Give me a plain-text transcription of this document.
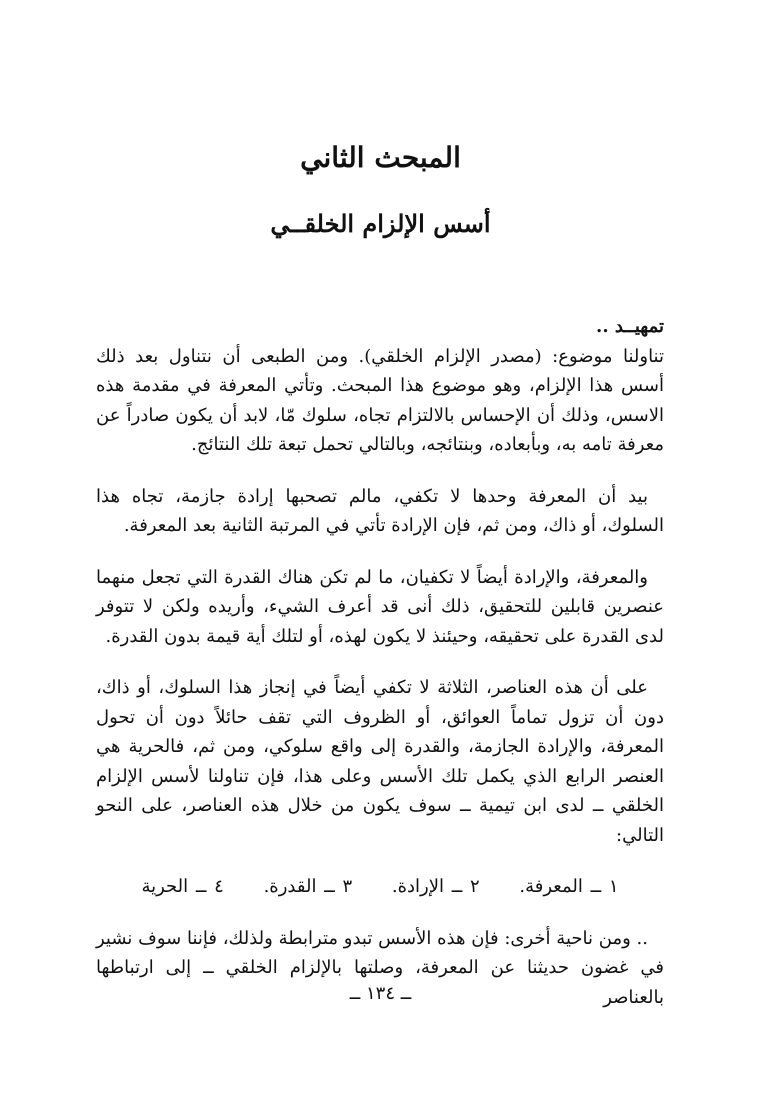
المبحث الثاني
أسس الإلزام الخلقــي

تمهيــد ..

تناولنا موضوع: (مصدر الإلزام الخلقي). ومن الطبعى أن نتناول بعد ذلك أسس هذا الإلزام، وهو موضوع هذا المبحث. وتأتي المعرفة في مقدمة هذه الاسس، وذلك أن الإحساس بالالتزام تجاه، سلوك مّا، لابد أن يكون صادراً عن معرفة تامه به، وبأبعاده، وبنتائجه، وبالتالي تحمل تبعة تلك النتائج.

بيد أن المعرفة وحدها لا تكفي، مالم تصحبها إرادة جازمة، تجاه هذا السلوك، أو ذاك، ومن ثم، فإن الإرادة تأتي في المرتبة الثانية بعد المعرفة.

والمعرفة، والإرادة أيضاً لا تكفيان، ما لم تكن هناك القدرة التي تجعل منهما عنصرين قابلين للتحقيق، ذلك أنى قد أعرف الشيء، وأريده ولكن لا تتوفر لدى القدرة على تحقيقه، وحيئنذ لا يكون لهذه، أو لتلك أية قيمة بدون القدرة.

على أن هذه العناصر، الثلاثة لا تكفي أيضاً في إنجاز هذا السلوك، أو ذاك، دون أن تزول تماماً العوائق، أو الظروف التي تقف حائلاً دون أن تحول المعرفة، والإرادة الجازمة، والقدرة إلى واقع سلوكي، ومن ثم، فالحرية هي العنصر الرابع الذي يكمل تلك الأسس وعلى هذا، فإن تناولنا لأسس الإلزام الخلقي ــ لدى ابن تيمية ــ سوف يكون من خلال هذه العناصر، على النحو التالي:

١ ــ المعرفة. ٢ ــ الإرادة. ٣ ــ القدرة. ٤ ــ الحرية

.. ومن ناحية أخرى: فإن هذه الأسس تبدو مترابطة ولذلك، فإننا سوف نشير في غضون حديثنا عن المعرفة، وصلتها بالإلزام الخلقي ــ إلى ارتباطها بالعناصر

ــ ١٣٤ ــ
